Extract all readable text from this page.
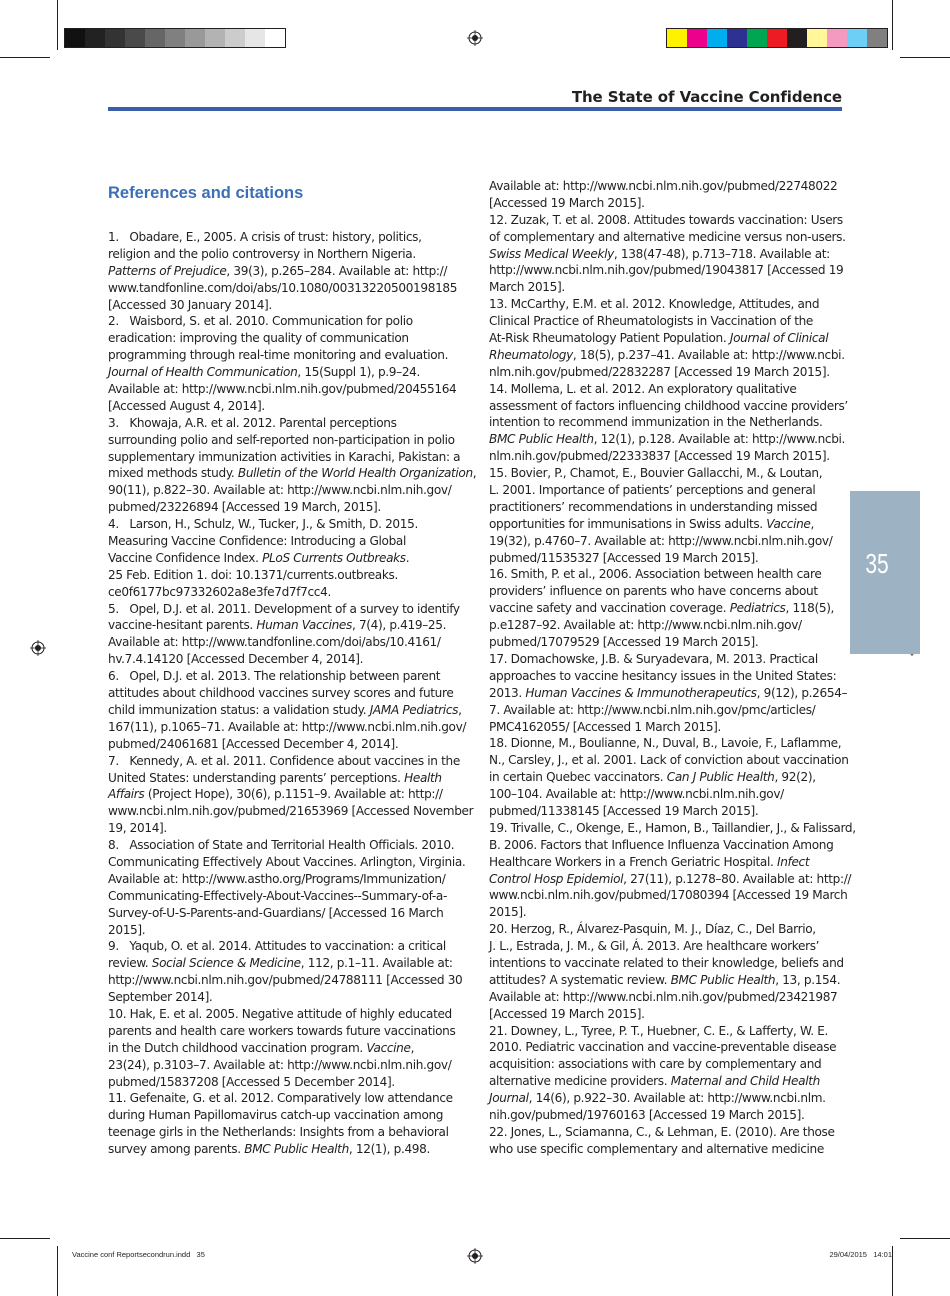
The State of Vaccine Confidence
References and citations
1.   Obadare, E., 2005. A crisis of trust: history, politics,
religion and the polio controversy in Northern Nigeria.
Patterns of Prejudice, 39(3), p.265–284. Available at: http://
www.tandfonline.com/doi/abs/10.1080/00313220500198185
[Accessed 30 January 2014].
2.   Waisbord, S. et al. 2010. Communication for polio
eradication: improving the quality of communication
programming through real-time monitoring and evaluation.
Journal of Health Communication, 15(Suppl 1), p.9–24.
Available at: http://www.ncbi.nlm.nih.gov/pubmed/20455164
[Accessed August 4, 2014].
3.   Khowaja, A.R. et al. 2012. Parental perceptions
surrounding polio and self-reported non-participation in polio
supplementary immunization activities in Karachi, Pakistan: a
mixed methods study. Bulletin of the World Health Organization,
90(11), p.822–30. Available at: http://www.ncbi.nlm.nih.gov/
pubmed/23226894 [Accessed 19 March, 2015].
4.   Larson, H., Schulz, W., Tucker, J., & Smith, D. 2015.
Measuring Vaccine Confidence: Introducing a Global
Vaccine Confidence Index. PLoS Currents Outbreaks.
25 Feb. Edition 1. doi: 10.1371/currents.outbreaks.
ce0f6177bc97332602a8e3fe7d7f7cc4.
5.   Opel, D.J. et al. 2011. Development of a survey to identify
vaccine-hesitant parents. Human Vaccines, 7(4), p.419–25.
Available at: http://www.tandfonline.com/doi/abs/10.4161/
hv.7.4.14120 [Accessed December 4, 2014].
6.   Opel, D.J. et al. 2013. The relationship between parent
attitudes about childhood vaccines survey scores and future
child immunization status: a validation study. JAMA Pediatrics,
167(11), p.1065–71. Available at: http://www.ncbi.nlm.nih.gov/
pubmed/24061681 [Accessed December 4, 2014].
7.   Kennedy, A. et al. 2011. Confidence about vaccines in the
United States: understanding parents’ perceptions. Health
Affairs (Project Hope), 30(6), p.1151–9. Available at: http://
www.ncbi.nlm.nih.gov/pubmed/21653969 [Accessed November
19, 2014].
8.   Association of State and Territorial Health Officials. 2010.
Communicating Effectively About Vaccines. Arlington, Virginia.
Available at: http://www.astho.org/Programs/Immunization/
Communicating-Effectively-About-Vaccines--Summary-of-a-
Survey-of-U-S-Parents-and-Guardians/ [Accessed 16 March
2015].
9.   Yaqub, O. et al. 2014. Attitudes to vaccination: a critical
review. Social Science & Medicine, 112, p.1–11. Available at:
http://www.ncbi.nlm.nih.gov/pubmed/24788111 [Accessed 30
September 2014].
10. Hak, E. et al. 2005. Negative attitude of highly educated
parents and health care workers towards future vaccinations
in the Dutch childhood vaccination program. Vaccine,
23(24), p.3103–7. Available at: http://www.ncbi.nlm.nih.gov/
pubmed/15837208 [Accessed 5 December 2014].
11. Gefenaite, G. et al. 2012. Comparatively low attendance
during Human Papillomavirus catch-up vaccination among
teenage girls in the Netherlands: Insights from a behavioral
survey among parents. BMC Public Health, 12(1), p.498.
Available at: http://www.ncbi.nlm.nih.gov/pubmed/22748022
[Accessed 19 March 2015].
12. Zuzak, T. et al. 2008. Attitudes towards vaccination: Users
of complementary and alternative medicine versus non-users.
Swiss Medical Weekly, 138(47-48), p.713–718. Available at:
http://www.ncbi.nlm.nih.gov/pubmed/19043817 [Accessed 19
March 2015].
13. McCarthy, E.M. et al. 2012. Knowledge, Attitudes, and
Clinical Practice of Rheumatologists in Vaccination of the
At-Risk Rheumatology Patient Population. Journal of Clinical
Rheumatology, 18(5), p.237–41. Available at: http://www.ncbi.
nlm.nih.gov/pubmed/22832287 [Accessed 19 March 2015].
14. Mollema, L. et al. 2012. An exploratory qualitative
assessment of factors influencing childhood vaccine providers’
intention to recommend immunization in the Netherlands.
BMC Public Health, 12(1), p.128. Available at: http://www.ncbi.
nlm.nih.gov/pubmed/22333837 [Accessed 19 March 2015].
15. Bovier, P., Chamot, E., Bouvier Gallacchi, M., & Loutan,
L. 2001. Importance of patients’ perceptions and general
practitioners’ recommendations in understanding missed
opportunities for immunisations in Swiss adults. Vaccine,
19(32), p.4760–7. Available at: http://www.ncbi.nlm.nih.gov/
pubmed/11535327 [Accessed 19 March 2015].
16. Smith, P. et al., 2006. Association between health care
providers’ influence on parents who have concerns about
vaccine safety and vaccination coverage. Pediatrics, 118(5),
p.e1287–92. Available at: http://www.ncbi.nlm.nih.gov/
pubmed/17079529 [Accessed 19 March 2015].
17. Domachowske, J.B. & Suryadevara, M. 2013. Practical
approaches to vaccine hesitancy issues in the United States:
2013. Human Vaccines & Immunotherapeutics, 9(12), p.2654–
7. Available at: http://www.ncbi.nlm.nih.gov/pmc/articles/
PMC4162055/ [Accessed 1 March 2015].
18. Dionne, M., Boulianne, N., Duval, B., Lavoie, F., Laflamme,
N., Carsley, J., et al. 2001. Lack of conviction about vaccination
in certain Quebec vaccinators. Can J Public Health, 92(2),
100–104. Available at: http://www.ncbi.nlm.nih.gov/
pubmed/11338145 [Accessed 19 March 2015].
19. Trivalle, C., Okenge, E., Hamon, B., Taillandier, J., & Falissard,
B. 2006. Factors that Influence Influenza Vaccination Among
Healthcare Workers in a French Geriatric Hospital. Infect
Control Hosp Epidemiol, 27(11), p.1278–80. Available at: http://
www.ncbi.nlm.nih.gov/pubmed/17080394 [Accessed 19 March
2015].
20. Herzog, R., Álvarez-Pasquin, M. J., Díaz, C., Del Barrio,
J. L., Estrada, J. M., & Gil, Á. 2013. Are healthcare workers’
intentions to vaccinate related to their knowledge, beliefs and
attitudes? A systematic review. BMC Public Health, 13, p.154.
Available at: http://www.ncbi.nlm.nih.gov/pubmed/23421987
[Accessed 19 March 2015].
21. Downey, L., Tyree, P. T., Huebner, C. E., & Lafferty, W. E.
2010. Pediatric vaccination and vaccine-preventable disease
acquisition: associations with care by complementary and
alternative medicine providers. Maternal and Child Health
Journal, 14(6), p.922–30. Available at: http://www.ncbi.nlm.
nih.gov/pubmed/19760163 [Accessed 19 March 2015].
22. Jones, L., Sciamanna, C., & Lehman, E. (2010). Are those
who use specific complementary and alternative medicine
35
Vaccine conf Reportsecondrun.indd   35	29/04/2015   14:01
